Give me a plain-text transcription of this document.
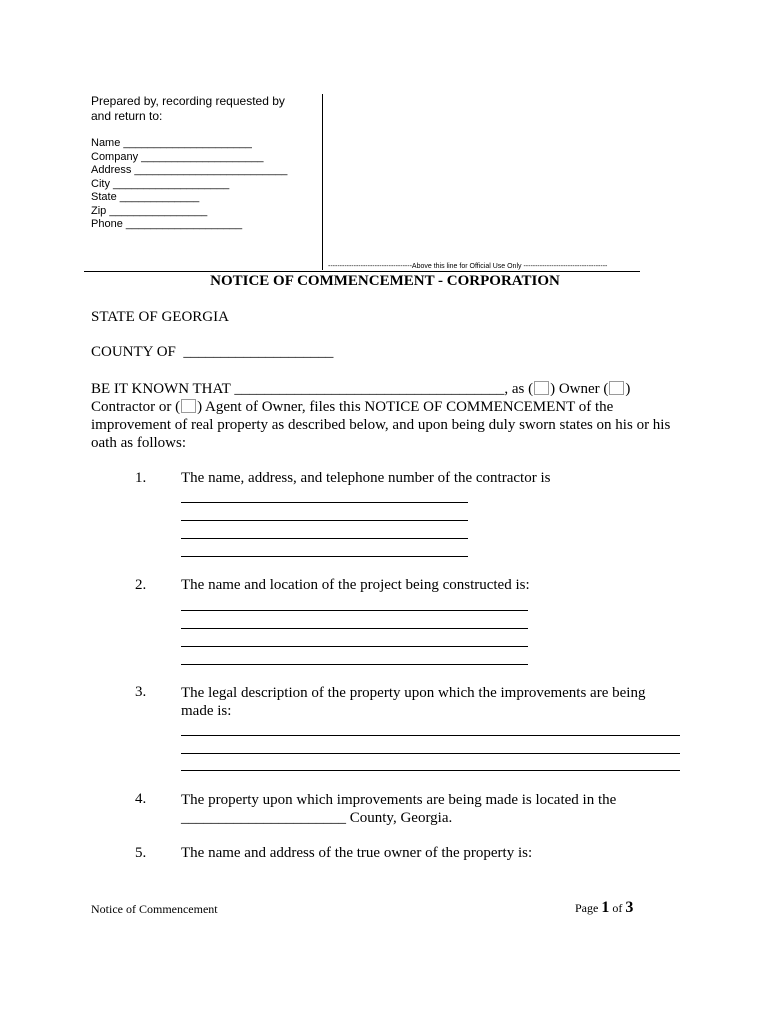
Prepared by, recording requested by
and return to:
Name _____________________
Company ____________________
Address _________________________
City ___________________
State _____________
Zip ________________
Phone ___________________
------------------------------------Above this line for Official Use Only ------------------------------------
NOTICE OF COMMENCEMENT - CORPORATION
STATE OF GEORGIA
COUNTY OF ____________________
BE IT KNOWN THAT ____________________________________, as ( ) Owner ( )
Contractor or ( ) Agent of Owner, files this NOTICE OF COMMENCEMENT of the
improvement of real property as described below, and upon being duly sworn states on his or his
oath as follows:
1. The name, address, and telephone number of the contractor is
2. The name and location of the project being constructed is:
3. The legal description of the property upon which the improvements are being
made is:
4. The property upon which improvements are being made is located in the
______________________ County, Georgia.
5. The name and address of the true owner of the property is:
Notice of Commencement	Page 1 of 3
